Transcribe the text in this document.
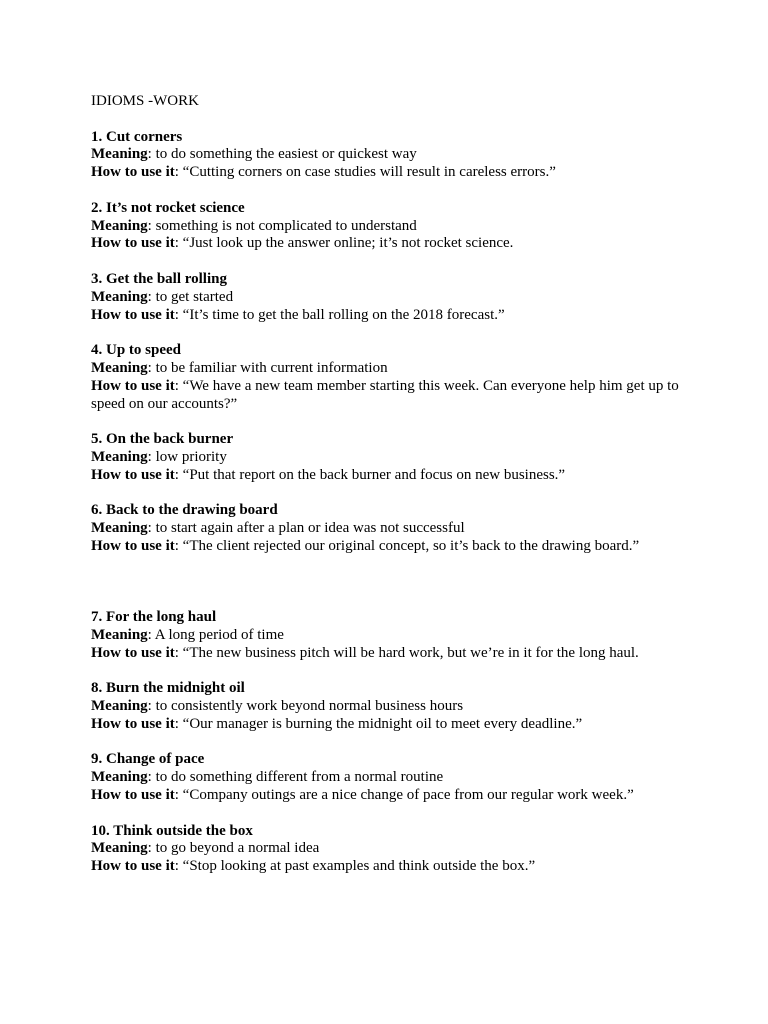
IDIOMS -WORK
1. Cut corners
Meaning: to do something the easiest or quickest way
How to use it: “Cutting corners on case studies will result in careless errors.”
2. It’s not rocket science
Meaning: something is not complicated to understand
How to use it: “Just look up the answer online; it’s not rocket science.
3. Get the ball rolling
Meaning: to get started
How to use it: “It’s time to get the ball rolling on the 2018 forecast.”
4. Up to speed
Meaning: to be familiar with current information
How to use it: “We have a new team member starting this week. Can everyone help him get up to speed on our accounts?”
5. On the back burner
Meaning: low priority
How to use it: “Put that report on the back burner and focus on new business.”
6. Back to the drawing board
Meaning: to start again after a plan or idea was not successful
How to use it: “The client rejected our original concept, so it’s back to the drawing board.”
7. For the long haul
Meaning: A long period of time
How to use it: “The new business pitch will be hard work, but we’re in it for the long haul.
8. Burn the midnight oil
Meaning: to consistently work beyond normal business hours
How to use it: “Our manager is burning the midnight oil to meet every deadline.”
9. Change of pace
Meaning: to do something different from a normal routine
How to use it: “Company outings are a nice change of pace from our regular work week.”
10. Think outside the box
Meaning: to go beyond a normal idea
How to use it: “Stop looking at past examples and think outside the box.”
